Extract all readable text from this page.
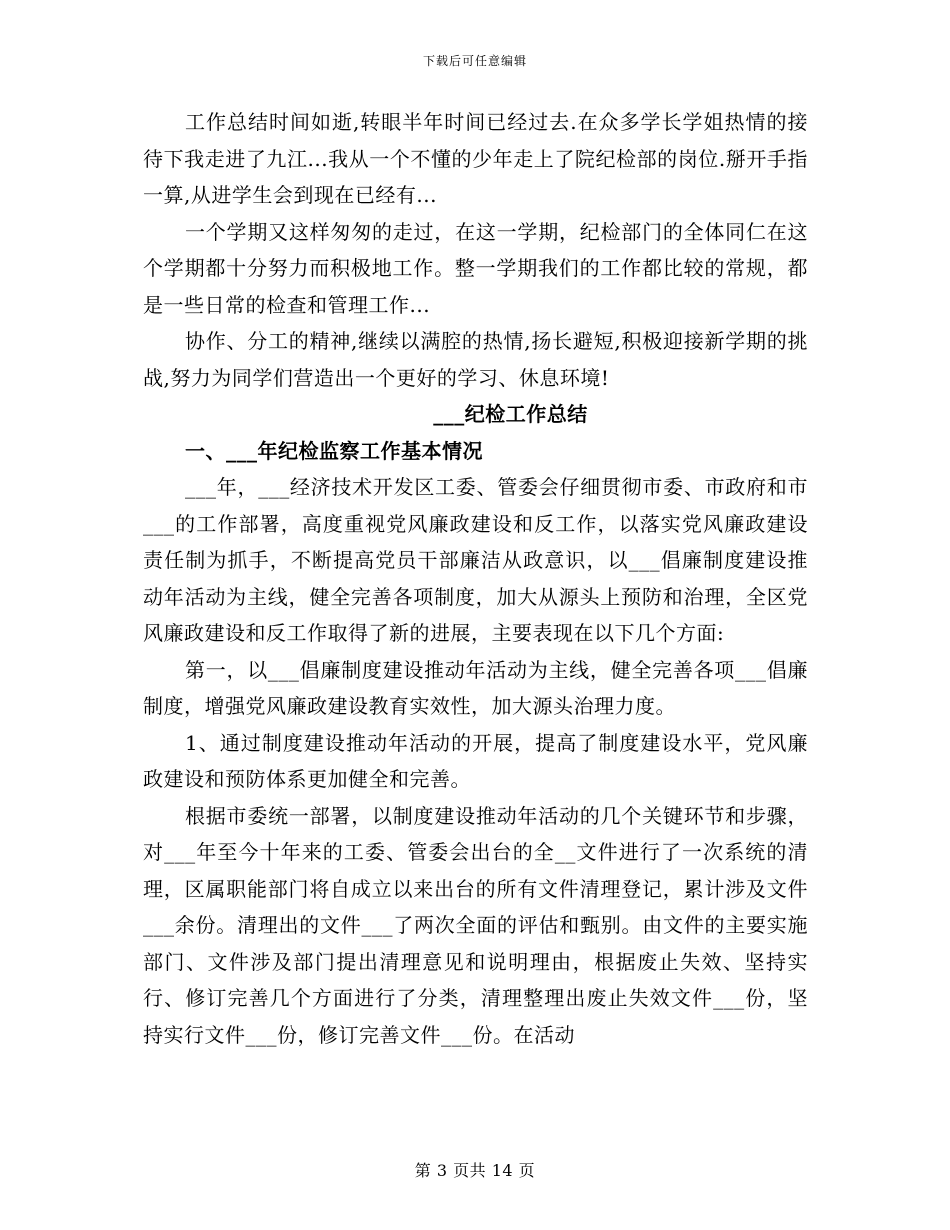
下载后可任意编辑

工作总结时间如逝,转眼半年时间已经过去.在众多学长学姐热情的接待下我走进了九江...我从一个不懂的少年走上了院纪检部的岗位.掰开手指一算,从进学生会到现在已经有...

一个学期又这样匆匆的走过，在这一学期，纪检部门的全体同仁在这个学期都十分努力而积极地工作。整一学期我们的工作都比较的常规，都是一些日常的检查和管理工作...

协作、分工的精神,继续以满腔的热情,扬长避短,积极迎接新学期的挑战,努力为同学们营造出一个更好的学习、休息环境!

___纪检工作总结

一、___年纪检监察工作基本情况

___年，___经济技术开发区工委、管委会仔细贯彻市委、市政府和市___的工作部署，高度重视党风廉政建设和反工作，以落实党风廉政建设责任制为抓手，不断提高党员干部廉洁从政意识，以___倡廉制度建设推动年活动为主线，健全完善各项制度，加大从源头上预防和治理，全区党风廉政建设和反工作取得了新的进展，主要表现在以下几个方面:

第一，以___倡廉制度建设推动年活动为主线，健全完善各项___倡廉制度，增强党风廉政建设教育实效性，加大源头治理力度。

1、通过制度建设推动年活动的开展，提高了制度建设水平，党风廉政建设和预防体系更加健全和完善。

根据市委统一部署，以制度建设推动年活动的几个关键环节和步骤，对___年至今十年来的工委、管委会出台的全__文件进行了一次系统的清理，区属职能部门将自成立以来出台的所有文件清理登记，累计涉及文件___余份。清理出的文件___了两次全面的评估和甄别。由文件的主要实施部门、文件涉及部门提出清理意见和说明理由，根据废止失效、坚持实行、修订完善几个方面进行了分类，清理整理出废止失效文件___份，坚持实行文件___份，修订完善文件___份。在活动

第 3 页共 14 页
